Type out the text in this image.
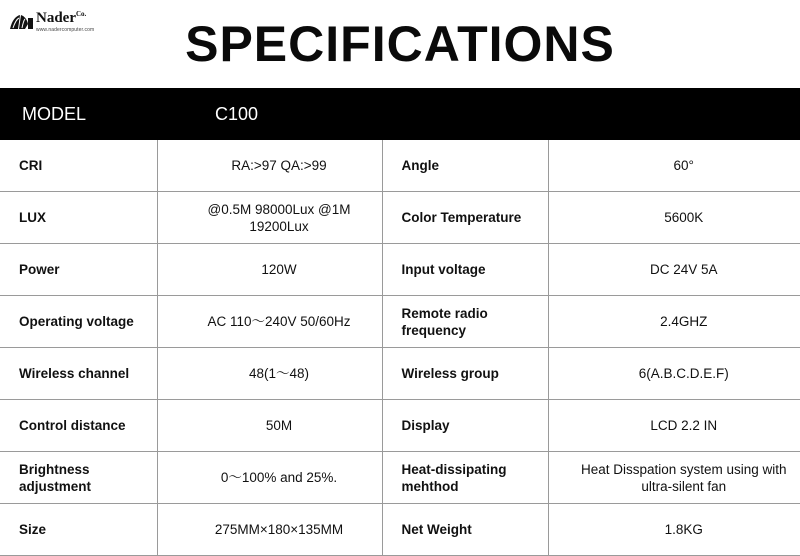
Nader$^{Co.}$
www.nadercomputer.com	SPECIFICATIONS
MODEL	C100
CRI	RA:>97 QA:>99	Angle	60°
LUX	@0.5M 98000Lux @1M 19200Lux	Color Temperature	5600K
Power	120W	Input voltage	DC 24V 5A
Operating voltage	AC 110～240V 50/60Hz	Remote radio frequency	2.4GHZ
Wireless channel	48(1～48)	Wireless group	6(A.B.C.D.E.F)
Control distance	50M	Display	LCD 2.2 IN
Brightness adjustment	0～100% and 25%.	Heat-dissipating mehthod	Heat Disspation system using with ultra-silent fan
Size	275MM×180×135MM	Net Weight	1.8KG
